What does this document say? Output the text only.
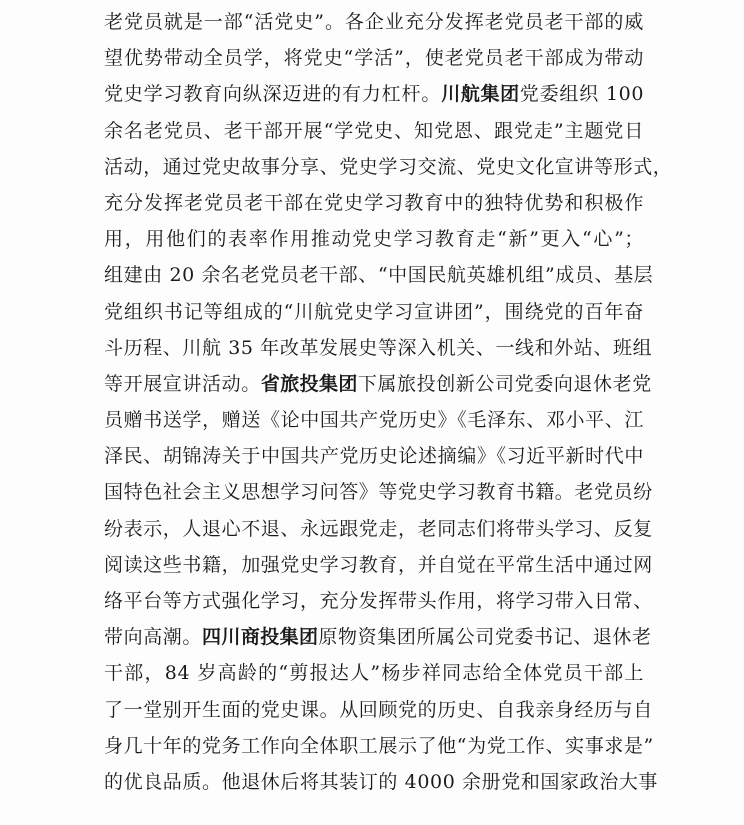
老党员就是一部“活党史”。各企业充分发挥老党员老干部的威
望优势带动全员学，将党史“学活”，使老党员老干部成为带动
党史学习教育向纵深迈进的有力杠杆。川航集团党委组织 100
余名老党员、老干部开展“学党史、知党恩、跟党走”主题党日
活动，通过党史故事分享、党史学习交流、党史文化宣讲等形式，
充分发挥老党员老干部在党史学习教育中的独特优势和积极作
用，用他们的表率作用推动党史学习教育走“新”更入“心”；
组建由 20 余名老党员老干部、“中国民航英雄机组”成员、基层
党组织书记等组成的“川航党史学习宣讲团”，围绕党的百年奋
斗历程、川航 35 年改革发展史等深入机关、一线和外站、班组
等开展宣讲活动。省旅投集团下属旅投创新公司党委向退休老党
员赠书送学，赠送《论中国共产党历史》《毛泽东、邓小平、江
泽民、胡锦涛关于中国共产党历史论述摘编》《习近平新时代中
国特色社会主义思想学习问答》等党史学习教育书籍。老党员纷
纷表示，人退心不退、永远跟党走，老同志们将带头学习、反复
阅读这些书籍，加强党史学习教育，并自觉在平常生活中通过网
络平台等方式强化学习，充分发挥带头作用，将学习带入日常、
带向高潮。四川商投集团原物资集团所属公司党委书记、退休老
干部，84 岁高龄的“剪报达人”杨步祥同志给全体党员干部上
了一堂别开生面的党史课。从回顾党的历史、自我亲身经历与自
身几十年的党务工作向全体职工展示了他“为党工作、实事求是”
的优良品质。他退休后将其装订的 4000 余册党和国家政治大事
